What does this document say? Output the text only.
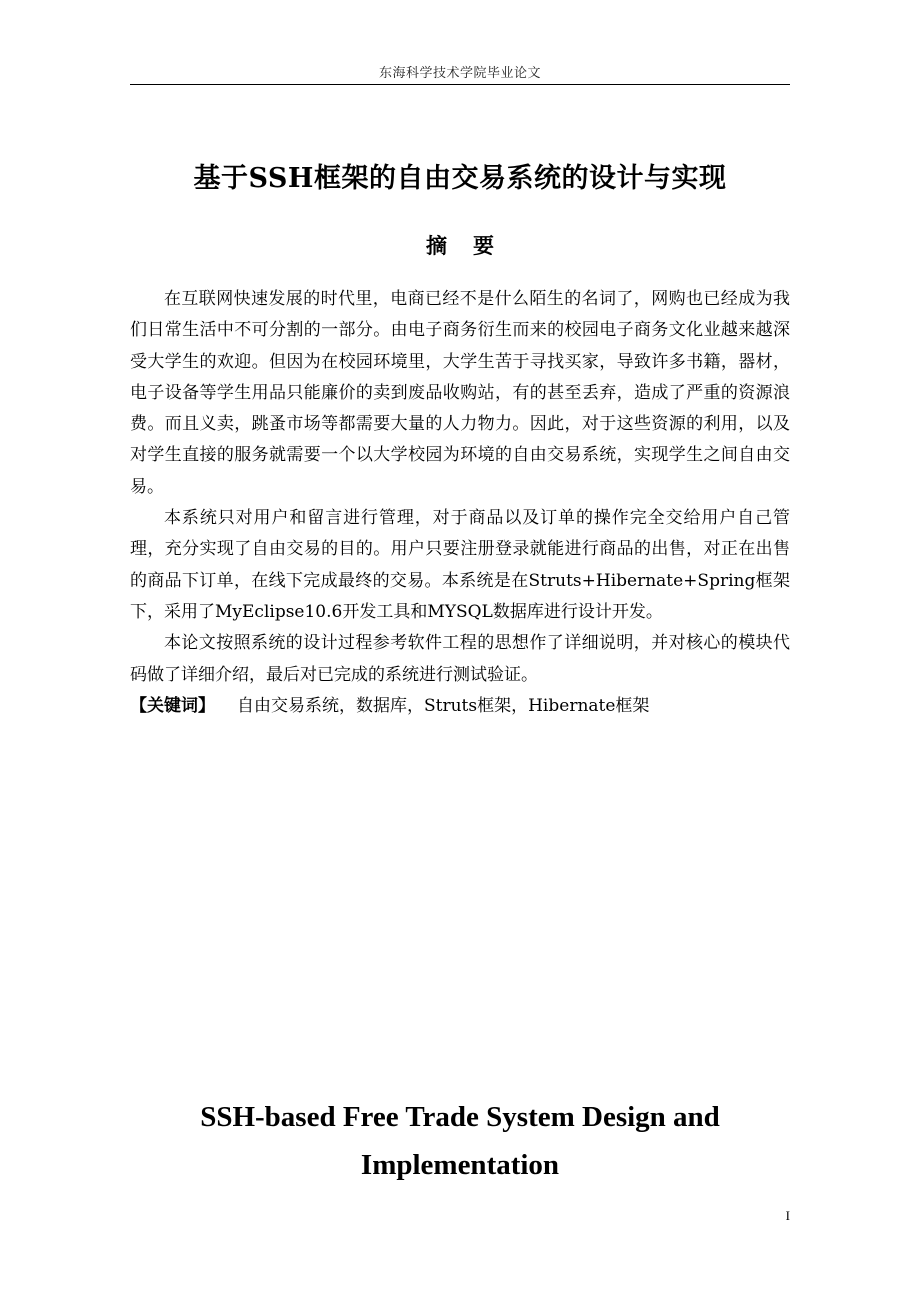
东海科学技术学院毕业论文
基于SSH框架的自由交易系统的设计与实现
摘要

在互联网快速发展的时代里，电商已经不是什么陌生的名词了，网购也已经成为我们日常生活中不可分割的一部分。由电子商务衍生而来的校园电子商务文化业越来越深受大学生的欢迎。但因为在校园环境里，大学生苦于寻找买家，导致许多书籍，器材，电子设备等学生用品只能廉价的卖到废品收购站，有的甚至丢弃，造成了严重的资源浪费。而且义卖，跳蚤市场等都需要大量的人力物力。因此，对于这些资源的利用，以及对学生直接的服务就需要一个以大学校园为环境的自由交易系统，实现学生之间自由交易。

本系统只对用户和留言进行管理，对于商品以及订单的操作完全交给用户自己管理，充分实现了自由交易的目的。用户只要注册登录就能进行商品的出售，对正在出售的商品下订单，在线下完成最终的交易。本系统是在Struts+Hibernate+Spring框架下，采用了MyEclipse10.6开发工具和MYSQL数据库进行设计开发。

本论文按照系统的设计过程参考软件工程的思想作了详细说明，并对核心的模块代码做了详细介绍，最后对已完成的系统进行测试验证。

【关键词】 自由交易系统，数据库，Struts框架，Hibernate框架
SSH-based Free Trade System Design and
Implementation
I
